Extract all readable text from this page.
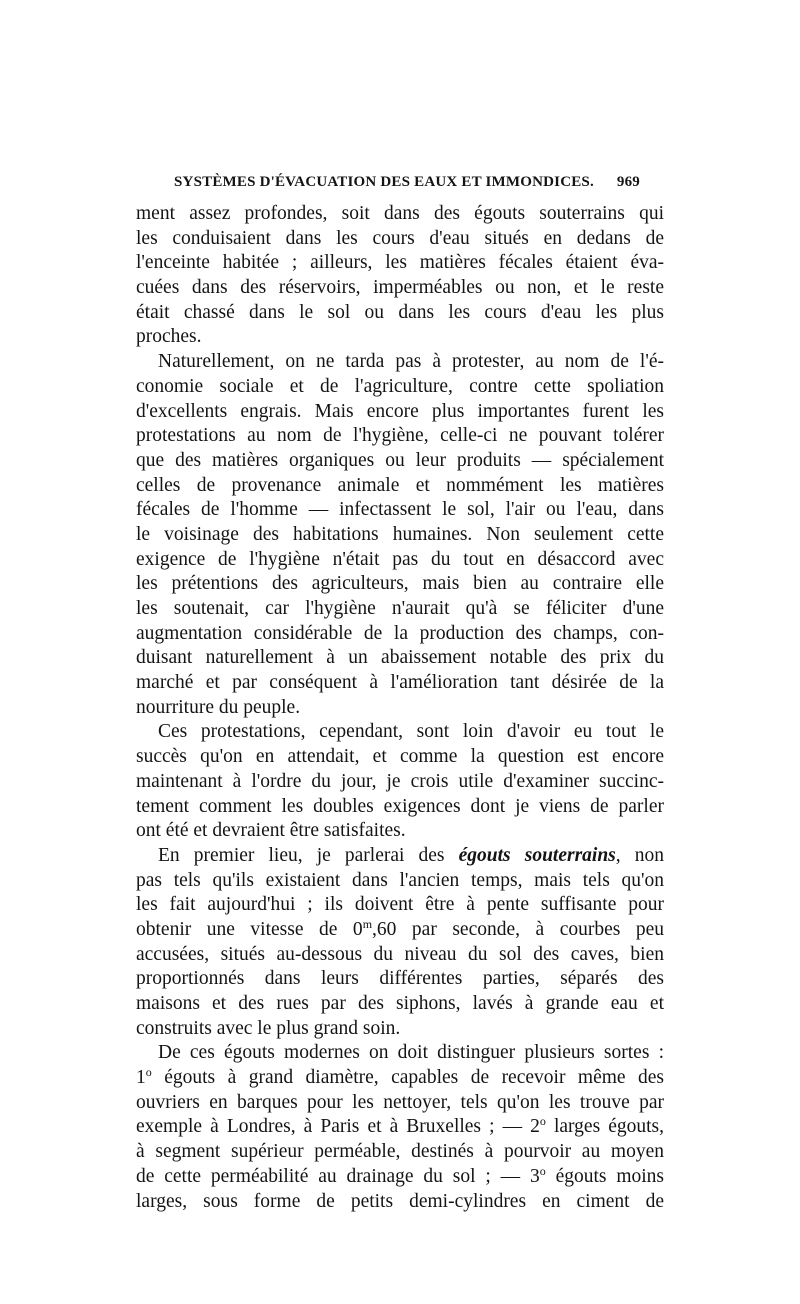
SYSTÈMES D'ÉVACUATION DES EAUX ET IMMONDICES. 969
ment assez profondes, soit dans des égouts souterrains qui
les conduisaient dans les cours d'eau situés en dedans de
l'enceinte habitée ; ailleurs, les matières fécales étaient éva-
cuées dans des réservoirs, imperméables ou non, et le reste
était chassé dans le sol ou dans les cours d'eau les plus
proches.
Naturellement, on ne tarda pas à protester, au nom de l'é-
conomie sociale et de l'agriculture, contre cette spoliation
d'excellents engrais. Mais encore plus importantes furent les
protestations au nom de l'hygiène, celle-ci ne pouvant tolérer
que des matières organiques ou leur produits — spécialement
celles de provenance animale et nommément les matières
fécales de l'homme — infectassent le sol, l'air ou l'eau, dans
le voisinage des habitations humaines. Non seulement cette
exigence de l'hygiène n'était pas du tout en désaccord avec
les prétentions des agriculteurs, mais bien au contraire elle
les soutenait, car l'hygiène n'aurait qu'à se féliciter d'une
augmentation considérable de la production des champs, con-
duisant naturellement à un abaissement notable des prix du
marché et par conséquent à l'amélioration tant désirée de la
nourriture du peuple.
Ces protestations, cependant, sont loin d'avoir eu tout le
succès qu'on en attendait, et comme la question est encore
maintenant à l'ordre du jour, je crois utile d'examiner succinc-
tement comment les doubles exigences dont je viens de parler
ont été et devraient être satisfaites.
En premier lieu, je parlerai des égouts souterrains, non
pas tels qu'ils existaient dans l'ancien temps, mais tels qu'on
les fait aujourd'hui ; ils doivent être à pente suffisante pour
obtenir une vitesse de 0$^m$,60 par seconde, à courbes peu
accusées, situés au-dessous du niveau du sol des caves, bien
proportionnés dans leurs différentes parties, séparés des
maisons et des rues par des siphons, lavés à grande eau et
construits avec le plus grand soin.
De ces égouts modernes on doit distinguer plusieurs sortes :
1$^o$ égouts à grand diamètre, capables de recevoir même des
ouvriers en barques pour les nettoyer, tels qu'on les trouve par
exemple à Londres, à Paris et à Bruxelles ; — 2$^o$ larges égouts,
à segment supérieur perméable, destinés à pourvoir au moyen
de cette perméabilité au drainage du sol ; — 3$^o$ égouts moins
larges, sous forme de petits demi-cylindres en ciment de
